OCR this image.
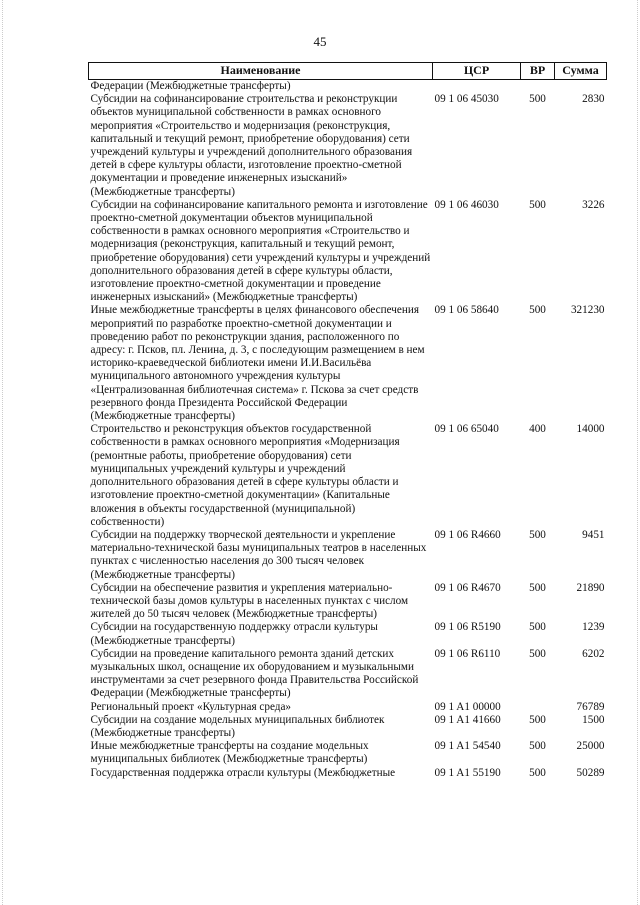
45
Наименование	ЦСР	ВР	Сумма
Федерации (Межбюджетные трансферты)			
Субсидии на софинансирование строительства и реконструкции объектов муниципальной собственности в рамках основного мероприятия «Строительство и модернизация (реконструкция, капитальный и текущий ремонт, приобретение оборудования) сети учреждений культуры и учреждений дополнительного образования детей в сфере культуры области, изготовление проектно-сметной документации и проведение инженерных изысканий» (Межбюджетные трансферты)	09 1 06 45030	500	2830
Субсидии на софинансирование капитального ремонта и изготовление проектно-сметной документации объектов муниципальной собственности в рамках основного мероприятия «Строительство и модернизация (реконструкция, капитальный и текущий ремонт, приобретение оборудования) сети учреждений культуры и учреждений дополнительного образования детей в сфере культуры области, изготовление проектно-сметной документации и проведение инженерных изысканий» (Межбюджетные трансферты)	09 1 06 46030	500	3226
Иные межбюджетные трансферты в целях финансового обеспечения мероприятий по разработке проектно-сметной документации и проведению работ по реконструкции здания, расположенного по адресу: г. Псков, пл. Ленина, д. 3, с последующим размещением в нем историко-краеведческой библиотеки имени И.И.Васильёва муниципального автономного учреждения культуры «Централизованная библиотечная система» г. Пскова за счет средств резервного фонда Президента Российской Федерации (Межбюджетные трансферты)	09 1 06 58640	500	321230
Строительство и реконструкция объектов государственной собственности в рамках основного мероприятия «Модернизация (ремонтные работы, приобретение оборудования) сети муниципальных учреждений культуры и учреждений дополнительного образования детей в сфере культуры области и изготовление проектно-сметной документации» (Капитальные вложения в объекты государственной (муниципальной) собственности)	09 1 06 65040	400	14000
Субсидии на поддержку творческой деятельности и укрепление материально-технической базы муниципальных театров в населенных пунктах с численностью населения до 300 тысяч человек (Межбюджетные трансферты)	09 1 06 R4660	500	9451
Субсидии на обеспечение развития и укрепления материально-технической базы домов культуры в населенных пунктах с числом жителей до 50 тысяч человек (Межбюджетные трансферты)	09 1 06 R4670	500	21890
Субсидии на государственную поддержку отрасли культуры (Межбюджетные трансферты)	09 1 06 R5190	500	1239
Субсидии на проведение капитального ремонта зданий детских музыкальных школ, оснащение их оборудованием и музыкальными инструментами за счет резервного фонда Правительства Российской Федерации (Межбюджетные трансферты)	09 1 06 R6110	500	6202
Региональный проект «Культурная среда»	09 1 A1 00000		76789
Субсидии на создание модельных муниципальных библиотек (Межбюджетные трансферты)	09 1 A1 41660	500	1500
Иные межбюджетные трансферты на создание модельных муниципальных библиотек (Межбюджетные трансферты)	09 1 A1 54540	500	25000
Государственная поддержка отрасли культуры (Межбюджетные	09 1 A1 55190	500	50289
